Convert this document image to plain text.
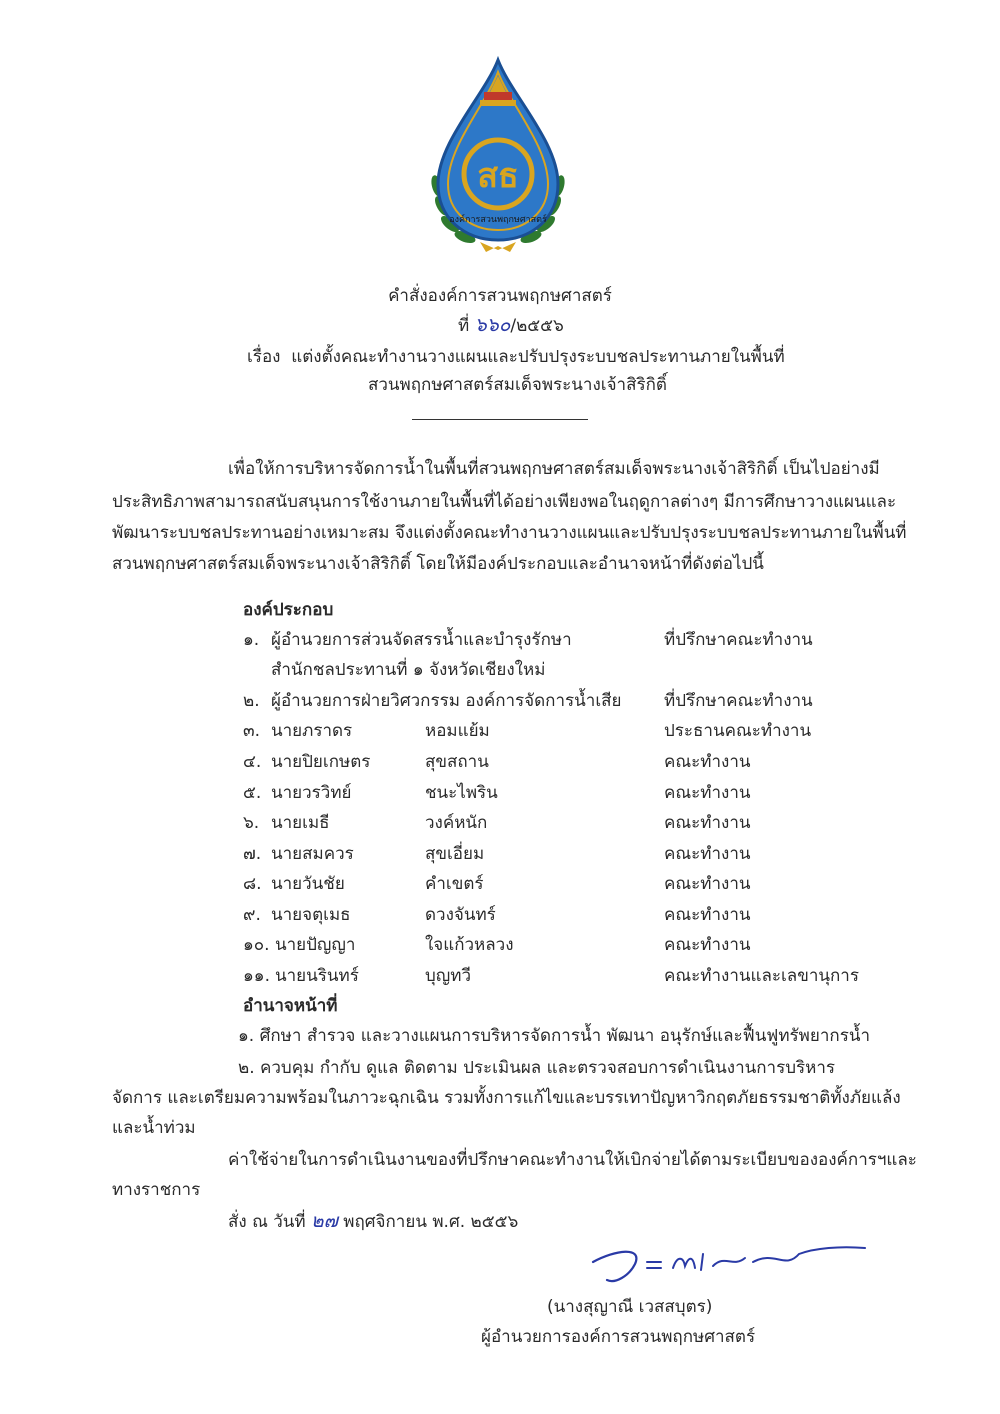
สธ
องค์การสวนพฤกษศาสตร์
คำสั่งองค์การสวนพฤกษศาสตร์
ที่ ๖๖๐/๒๕๕๖
เรื่อง แต่งตั้งคณะทำงานวางแผนและปรับปรุงระบบชลประทานภายในพื้นที่
สวนพฤกษศาสตร์สมเด็จพระนางเจ้าสิริกิติ์
เพื่อให้การบริหารจัดการน้ำในพื้นที่สวนพฤกษศาสตร์สมเด็จพระนางเจ้าสิริกิติ์ เป็นไปอย่างมี
ประสิทธิภาพสามารถสนับสนุนการใช้งานภายในพื้นที่ได้อย่างเพียงพอในฤดูกาลต่างๆ มีการศึกษาวางแผนและ
พัฒนาระบบชลประทานอย่างเหมาะสม จึงแต่งตั้งคณะทำงานวางแผนและปรับปรุงระบบชลประทานภายในพื้นที่
สวนพฤกษศาสตร์สมเด็จพระนางเจ้าสิริกิติ์ โดยให้มีองค์ประกอบและอำนาจหน้าที่ดังต่อไปนี้
องค์ประกอบ
๑. ผู้อำนวยการส่วนจัดสรรน้ำและบำรุงรักษา	ที่ปรึกษาคณะทำงาน
สำนักชลประทานที่ ๑ จังหวัดเชียงใหม่
๒. ผู้อำนวยการฝ่ายวิศวกรรม องค์การจัดการน้ำเสีย	ที่ปรึกษาคณะทำงาน
๓. นายภราดร	หอมแย้ม	ประธานคณะทำงาน
๔. นายปิยเกษตร	สุขสถาน	คณะทำงาน
๕. นายวรวิทย์	ชนะไพริน	คณะทำงาน
๖. นายเมธี	วงค์หนัก	คณะทำงาน
๗. นายสมควร	สุขเอี่ยม	คณะทำงาน
๘. นายวันชัย	คำเขตร์	คณะทำงาน
๙. นายจตุเมธ	ดวงจันทร์	คณะทำงาน
๑๐. นายปัญญา	ใจแก้วหลวง	คณะทำงาน
๑๑. นายนรินทร์	บุญทวี	คณะทำงานและเลขานุการ
อำนาจหน้าที่
๑. ศึกษา สำรวจ และวางแผนการบริหารจัดการน้ำ พัฒนา อนุรักษ์และฟื้นฟูทรัพยากรน้ำ
๒. ควบคุม กำกับ ดูแล ติดตาม ประเมินผล และตรวจสอบการดำเนินงานการบริหาร
จัดการ และเตรียมความพร้อมในภาวะฉุกเฉิน รวมทั้งการแก้ไขและบรรเทาปัญหาวิกฤตภัยธรรมชาติทั้งภัยแล้ง
และน้ำท่วม
ค่าใช้จ่ายในการดำเนินงานของที่ปรึกษาคณะทำงานให้เบิกจ่ายได้ตามระเบียบขององค์การฯและ
ทางราชการ
สั่ง ณ วันที่ ๒๗ พฤศจิกายน พ.ศ. ๒๕๕๖
(นางสุญาณี เวสสบุตร)
ผู้อำนวยการองค์การสวนพฤกษศาสตร์
